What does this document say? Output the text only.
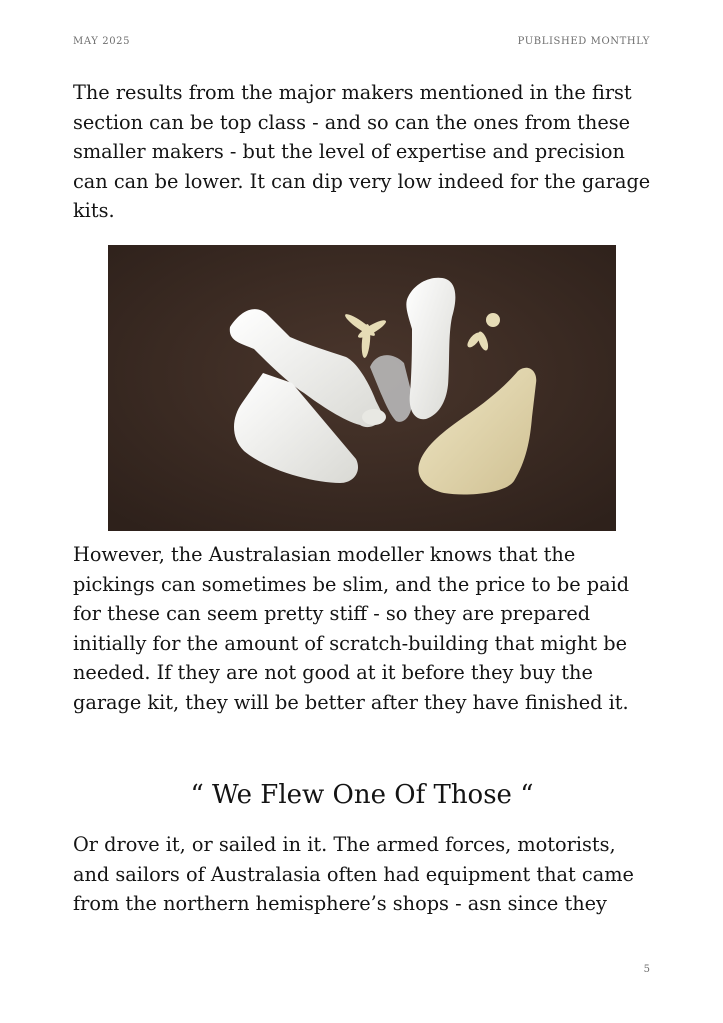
MAY 2025	PUBLISHED MONTHLY

The results from the major makers mentioned in the first section can be top class - and so can the ones from these smaller makers - but the level of expertise and precision can can be lower. It can dip very low indeed for the garage kits.

However, the Australasian modeller knows that the pickings can sometimes be slim, and the price to be paid for these can seem pretty stiff - so they are prepared initially for the amount of scratch-building that might be needed. If they are not good at it before they buy the garage kit, they will be better after they have finished it.

“ We Flew One Of Those “

Or drove it, or sailed in it. The armed forces, motorists, and sailors of Australasia often had equipment that came from the northern hemisphere’s shops - asn since they

5
